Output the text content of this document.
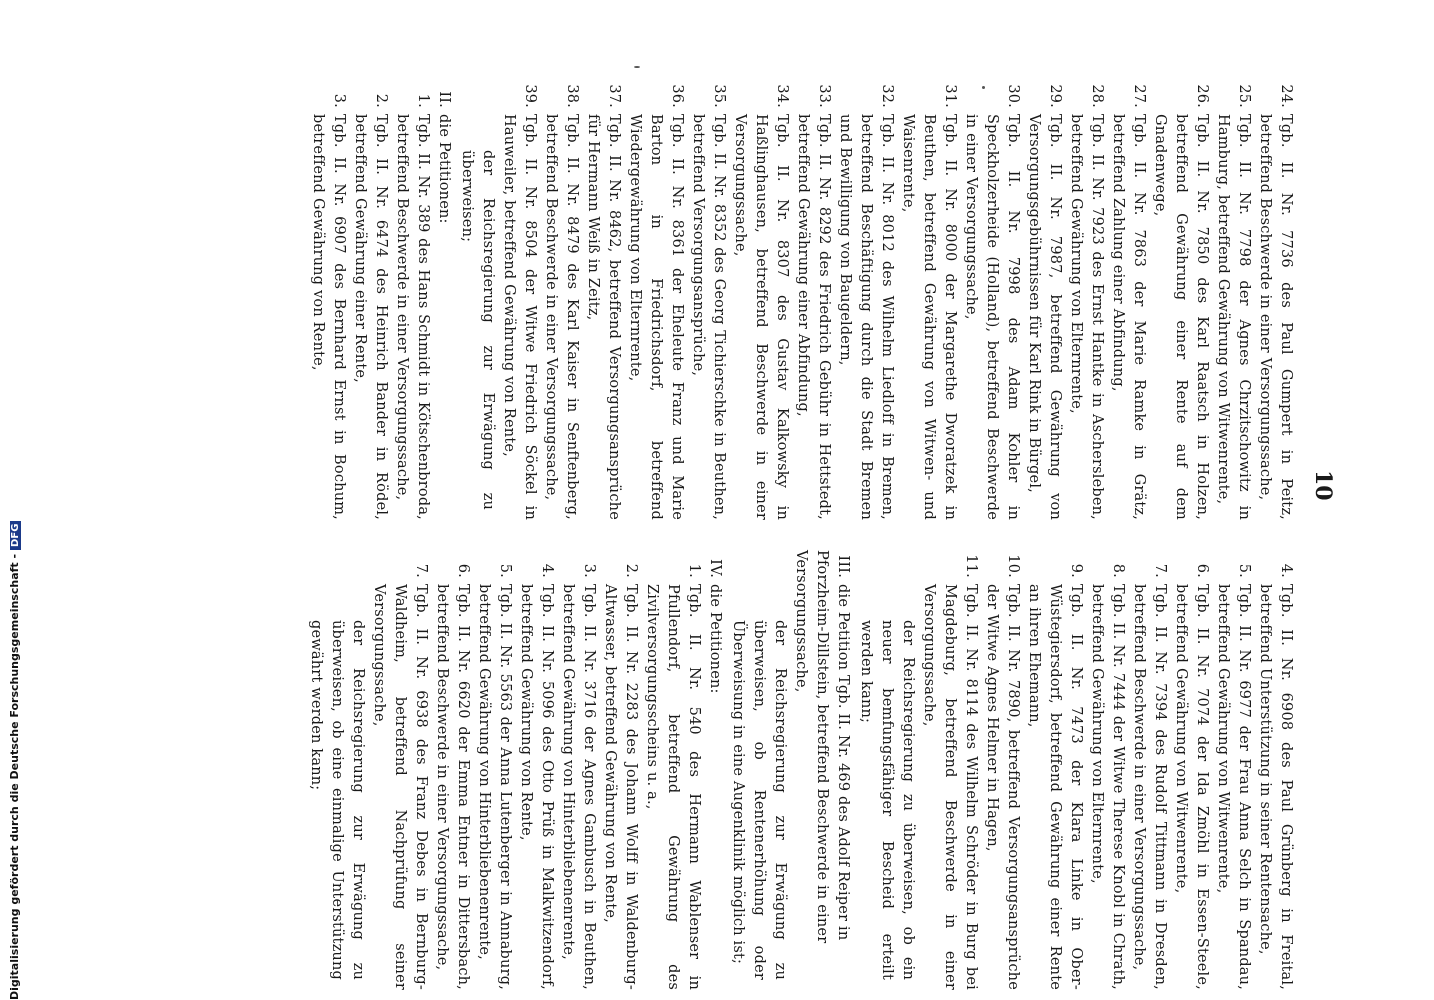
10
24.
Tgb. II. Nr. 7736 des Paul Gumpert in Peitz, betreffend Beschwerde in einer Versorgungssache,
25.
Tgb. II. Nr. 7798 der Agnes Chrzitschowitz in Hamburg, betreffend Gewährung von Witwenrente,
26.
Tgb. II. Nr. 7850 des Karl Raatsch in Holzen, betreffend Gewährung einer Rente auf dem Gnadenwege,
27.
Tgb. II. Nr. 7863 der Marie Ramke in Grätz, betreffend Zahlung einer Abfindung,
28.
Tgb. II. Nr. 7923 des Ernst Hantke in Aschersleben, betreffend Gewährung von Elternrente,
29.
Tgb. II. Nr. 7987, betreffend Gewährung von Versorgungsgebührnissen für Karl Rink in Bürgel,
30.
Tgb. II. Nr. 7998 des Adam Kohler in Speckholzerheide (Holland), betreffend Beschwerde in einer Versorgungssache,
31.
Tgb. II. Nr. 8000 der Margarethe Dworatzek in Beuthen, betreffend Gewährung von Witwen- und Waisenrente,
32.
Tgb. II. Nr. 8012 des Wilhelm Liedloff in Bremen, betreffend Beschäftigung durch die Stadt Bremen und Bewilligung von Baugeldern,
33.
Tgb. II. Nr. 8292 des Friedrich Gebühr in Hettstedt, betreffend Gewährung einer Abfindung,
34.
Tgb. II. Nr. 8307 des Gustav Kalkowsky in Haßlinghausen, betreffend Beschwerde in einer Versorgungssache,
35.
Tgb. II. Nr. 8352 des Georg Tichierschke in Beuthen, betreffend Versorgungsansprüche,
36.
Tgb. II. Nr. 8361 der Eheleute Franz und Marie Barton in Friedrichsdorf, betreffend Wiedergewährung von Elternrente,
37.
Tgb. II. Nr. 8462, betreffend Versorgungsansprüche für Hermann Weiß in Zeitz,
38.
Tgb. II. Nr. 8479 des Karl Kaiser in Senftenberg, betreffend Beschwerde in einer Versorgungssache,
39.
Tgb. II. Nr. 8504 der Witwe Friedrich Söckel in Hauweiler, betreffend Gewährung von Rente,
der Reichsregierung zur Erwägung zu überweisen;
II.die Petitionen:
1.
Tgb. II. Nr. 389 des Hans Schmidt in Kötschenbroda, betreffend Beschwerde in einer Versorgungssache,
2.
Tgb. II. Nr. 6474 des Heinrich Bander in Rödel, betreffend Gewährung einer Rente,
3.
Tgb. II. Nr. 6907 des Bernhard Ernst in Bochum, betreffend Gewährung von Rente,
4.
Tgb. II. Nr. 6908 des Paul Grünberg in Freital, betreffend Unterstützung in seiner Rentensache,
5.
Tgb. II. Nr. 6977 der Frau Anna Selch in Spandau, betreffend Gewährung von Witwenrente,
6.
Tgb. II. Nr. 7074 der Ida Zmöhl in Essen-Steele, betreffend Gewährung von Witwenrente,
7.
Tgb. II. Nr. 7394 des Rudolf Tittmann in Dresden, betreffend Beschwerde in einer Versorgungssache,
8.
Tgb. II. Nr. 7444 der Witwe Therese Knobl in Chrath, betreffend Gewährung von Elternrente,
9.
Tgb. II. Nr. 7473 der Klara Linke in Ober-Wüstegiersdorf, betreffend Gewährung einer Rente an ihren Ehemann,
10.
Tgb. II. Nr. 7890, betreffend Versorgungsansprüche der Witwe Agnes Helmer in Hagen,
11.
Tgb. II. Nr. 8114 des Wilhelm Schröder in Burg bei Magdeburg, betreffend Beschwerde in einer Versorgungssache,
der Reichsregierung zu überweisen, ob ein neuer bemfungsfähiger Bescheid erteilt werden kann;
III.die Petition Tgb. II. Nr. 469 des Adolf Reiper in Pforzheim-Dillstein, betreffend Beschwerde in einer Versorgungssache,
der Reichsregierung zur Erwägung zu überweisen, ob Rentenerhöhung oder Überweisung in eine Augenklinik möglich ist;
IV.die Petitionen:
1.
Tgb. II. Nr. 540 des Hermann Wablenser in Pfullendorf, betreffend Gewährung des Zivilversorgungsscheins u. a.,
2.
Tgb. II. Nr. 2283 des Johann Wolff in Waldenburg-Altwasser, betreffend Gewährung von Rente,
3.
Tgb. II. Nr. 3716 der Agnes Gambusch in Beuthen, betreffend Gewährung von Hinterbliebenenrente,
4.
Tgb. II. Nr. 5096 des Otto Prüß in Malkwitzendorf, betreffend Gewährung von Rente,
5.
Tgb. II. Nr. 5563 der Anna Lutenberger in Annaburg, betreffend Gewährung von Hinterbliebenenrente,
6.
Tgb. II. Nr. 6620 der Emma Entner in Dittersbach, betreffend Beschwerde in einer Versorgungssache,
7.
Tgb. II. Nr. 6938 des Franz Debes in Bernburg-Waldheim, betreffend Nachprüfung seiner Versorgungssache,
der Reichsregierung zur Erwägung zu überweisen, ob eine einmalige Unterstützung gewährt werden kann;
Digitalisierung gefördert durch die Deutsche Forschungsgemeinschaft -DFG
